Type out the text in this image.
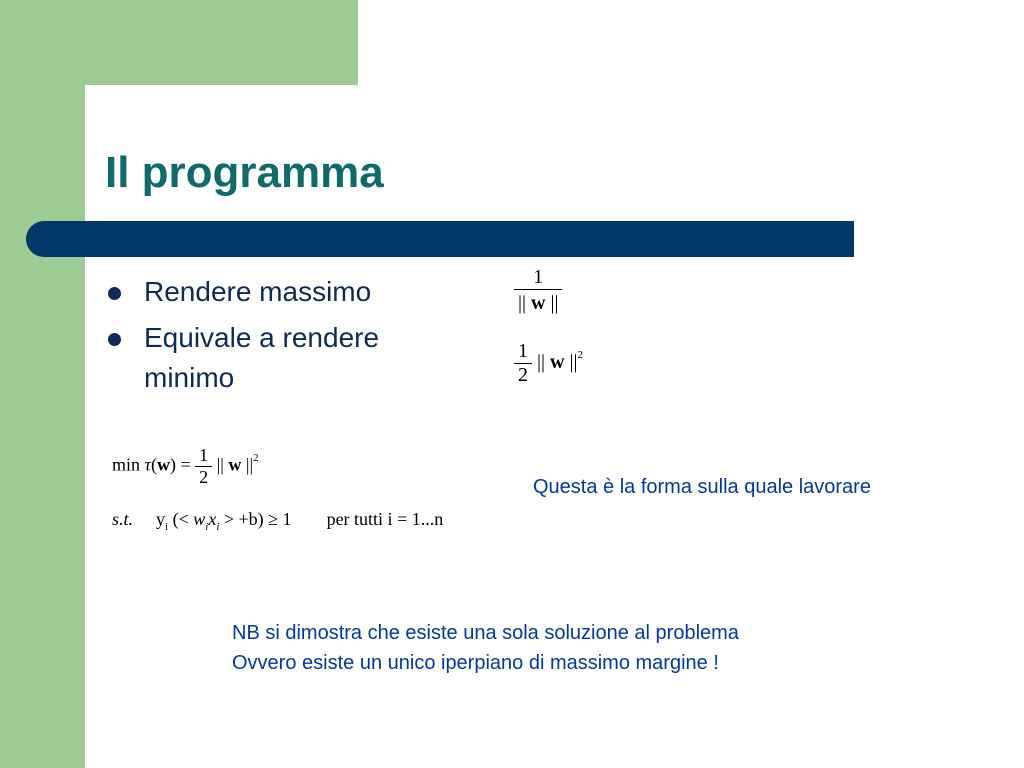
Il programma
Rendere massimo
Equivale a rendere minimo
$\frac{1}{|| w ||}$
$\frac{1}{2}$ || w $||^2$
$\min \tau(w) = \frac{1}{2}$ || w $||^2$
s.t. $y_i$ (< $w_ix_i > +b) \ge 1$ per tutti i = 1...n
Questa è la forma sulla quale lavorare
NB si dimostra che esiste una sola soluzione al problema
Ovvero esiste un unico iperpiano di massimo margine !
